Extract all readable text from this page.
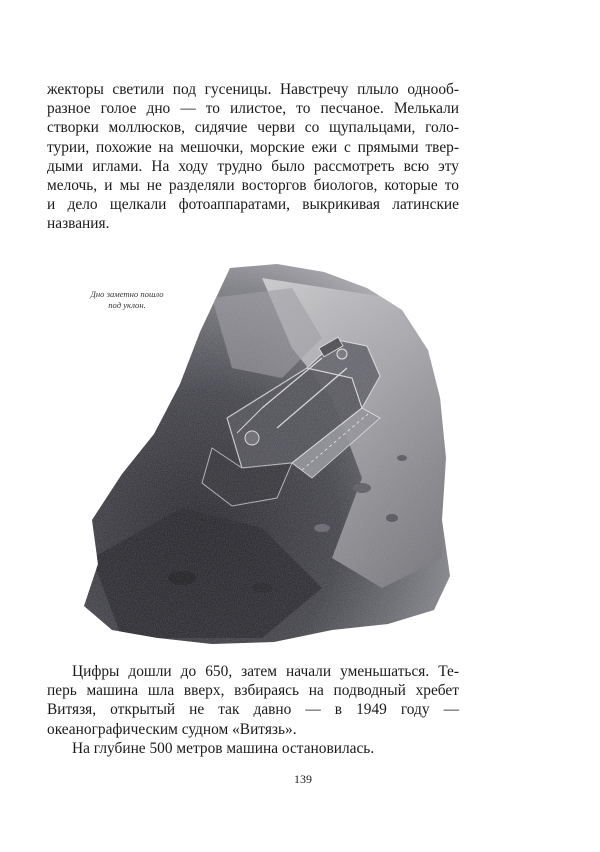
жекторы светили под гусеницы. Навстречу плыло однооб-
разное голое дно — то илистое, то песчаное. Мелькали
створки моллюсков, сидячие черви со щупальцами, голо-
турии, похожие на мешочки, морские ежи с прямыми твер-
дыми иглами. На ходу трудно было рассмотреть всю эту
мелочь, и мы не разделяли восторгов биологов, которые то
и дело щелкали фотоаппаратами, выкрикивая латинские
названия.
Дно заметно пошло
под уклон.
Цифры дошли до 650, затем начали уменьшаться. Те-
перь машина шла вверх, взбираясь на подводный хребет
Витязя, открытый не так давно — в 1949 году —
океанографическим судном «Витязь».
На глубине 500 метров машина остановилась.
139
